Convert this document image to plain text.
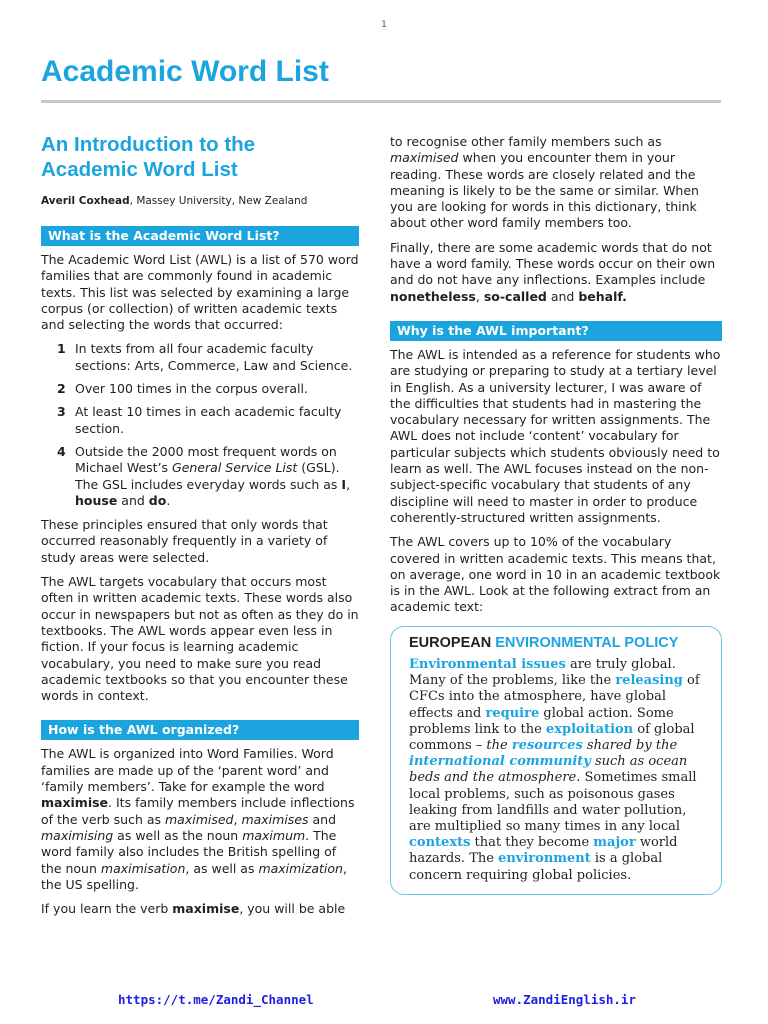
1
Academic Word List
An Introduction to the
Academic Word List
Averil Coxhead, Massey University, New Zealand
What is the Academic Word List?

The Academic Word List (AWL) is a list of 570 word families that are commonly found in academic texts. This list was selected by examining a large corpus (or collection) of written academic texts and selecting the words that occurred:

1 In texts from all four academic faculty sections: Arts, Commerce, Law and Science.
2 Over 100 times in the corpus overall.
3 At least 10 times in each academic faculty section.
4 Outside the 2000 most frequent words on Michael West’s General Service List (GSL). The GSL includes everyday words such as I, house and do.

These principles ensured that only words that occurred reasonably frequently in a variety of study areas were selected.

The AWL targets vocabulary that occurs most often in written academic texts. These words also occur in newspapers but not as often as they do in textbooks. The AWL words appear even less in fiction. If your focus is learning academic vocabulary, you need to make sure you read academic textbooks so that you encounter these words in context.

How is the AWL organized?

The AWL is organized into Word Families. Word families are made up of the ‘parent word’ and ‘family members’. Take for example the word maximise. Its family members include inflections of the verb such as maximised, maximises and maximising as well as the noun maximum. The word family also includes the British spelling of the noun maximisation, as well as maximization, the US spelling.

If you learn the verb maximise, you will be able

to recognise other family members such as maximised when you encounter them in your reading. These words are closely related and the meaning is likely to be the same or similar. When you are looking for words in this dictionary, think about other word family members too.

Finally, there are some academic words that do not have a word family. These words occur on their own and do not have any inflections. Examples include nonetheless, so-called and behalf.

Why is the AWL important?

The AWL is intended as a reference for students who are studying or preparing to study at a tertiary level in English. As a university lecturer, I was aware of the difficulties that students had in mastering the vocabulary necessary for written assignments. The AWL does not include ‘content’ vocabulary for particular subjects which students obviously need to learn as well. The AWL focuses instead on the non-subject-specific vocabulary that students of any discipline will need to master in order to produce coherently-structured written assignments.

The AWL covers up to 10% of the vocabulary covered in written academic texts. This means that, on average, one word in 10 in an academic textbook is in the AWL. Look at the following extract from an academic text:

EUROPEAN ENVIRONMENTAL POLICY
Environmental issues are truly global. Many of the problems, like the releasing of CFCs into the atmosphere, have global effects and require global action. Some problems link to the exploitation of global commons – the resources shared by the international community such as ocean beds and the atmosphere. Sometimes small local problems, such as poisonous gases leaking from landfills and water pollution, are multiplied so many times in any local contexts that they become major world hazards. The environment is a global concern requiring global policies.
https://t.me/Zandi_Channel	www.ZandiEnglish.ir
